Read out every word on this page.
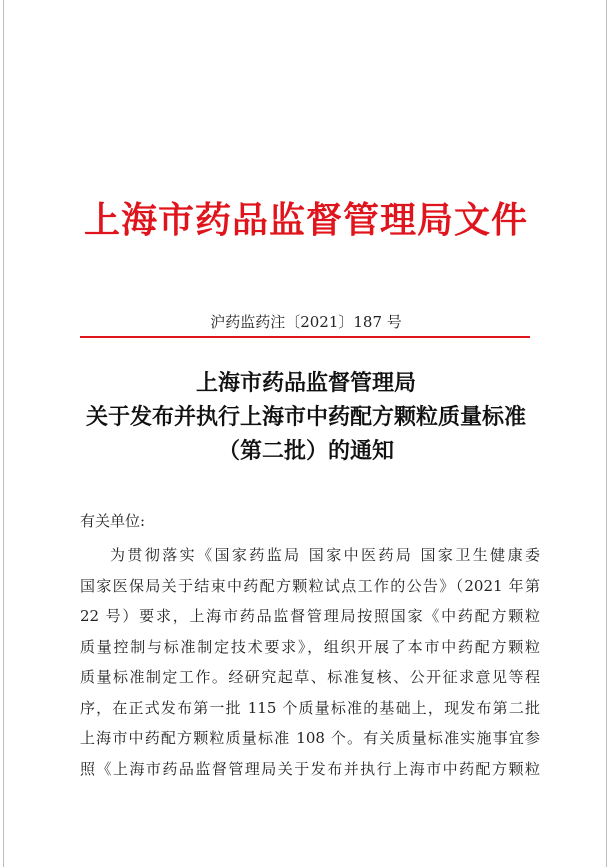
上海市药品监督管理局文件
沪药监药注〔2021〕187 号
上海市药品监督管理局
关于发布并执行上海市中药配方颗粒质量标准
（第二批）的通知
有关单位:
为贯彻落实《国家药监局 国家中医药局 国家卫生健康委
国家医保局关于结束中药配方颗粒试点工作的公告》（2021 年第
22 号）要求，上海市药品监督管理局按照国家《中药配方颗粒
质量控制与标准制定技术要求》，组织开展了本市中药配方颗粒
质量标准制定工作。经研究起草、标准复核、公开征求意见等程
序，在正式发布第一批 115 个质量标准的基础上，现发布第二批
上海市中药配方颗粒质量标准 108 个。有关质量标准实施事宜参
照《上海市药品监督管理局关于发布并执行上海市中药配方颗粒
